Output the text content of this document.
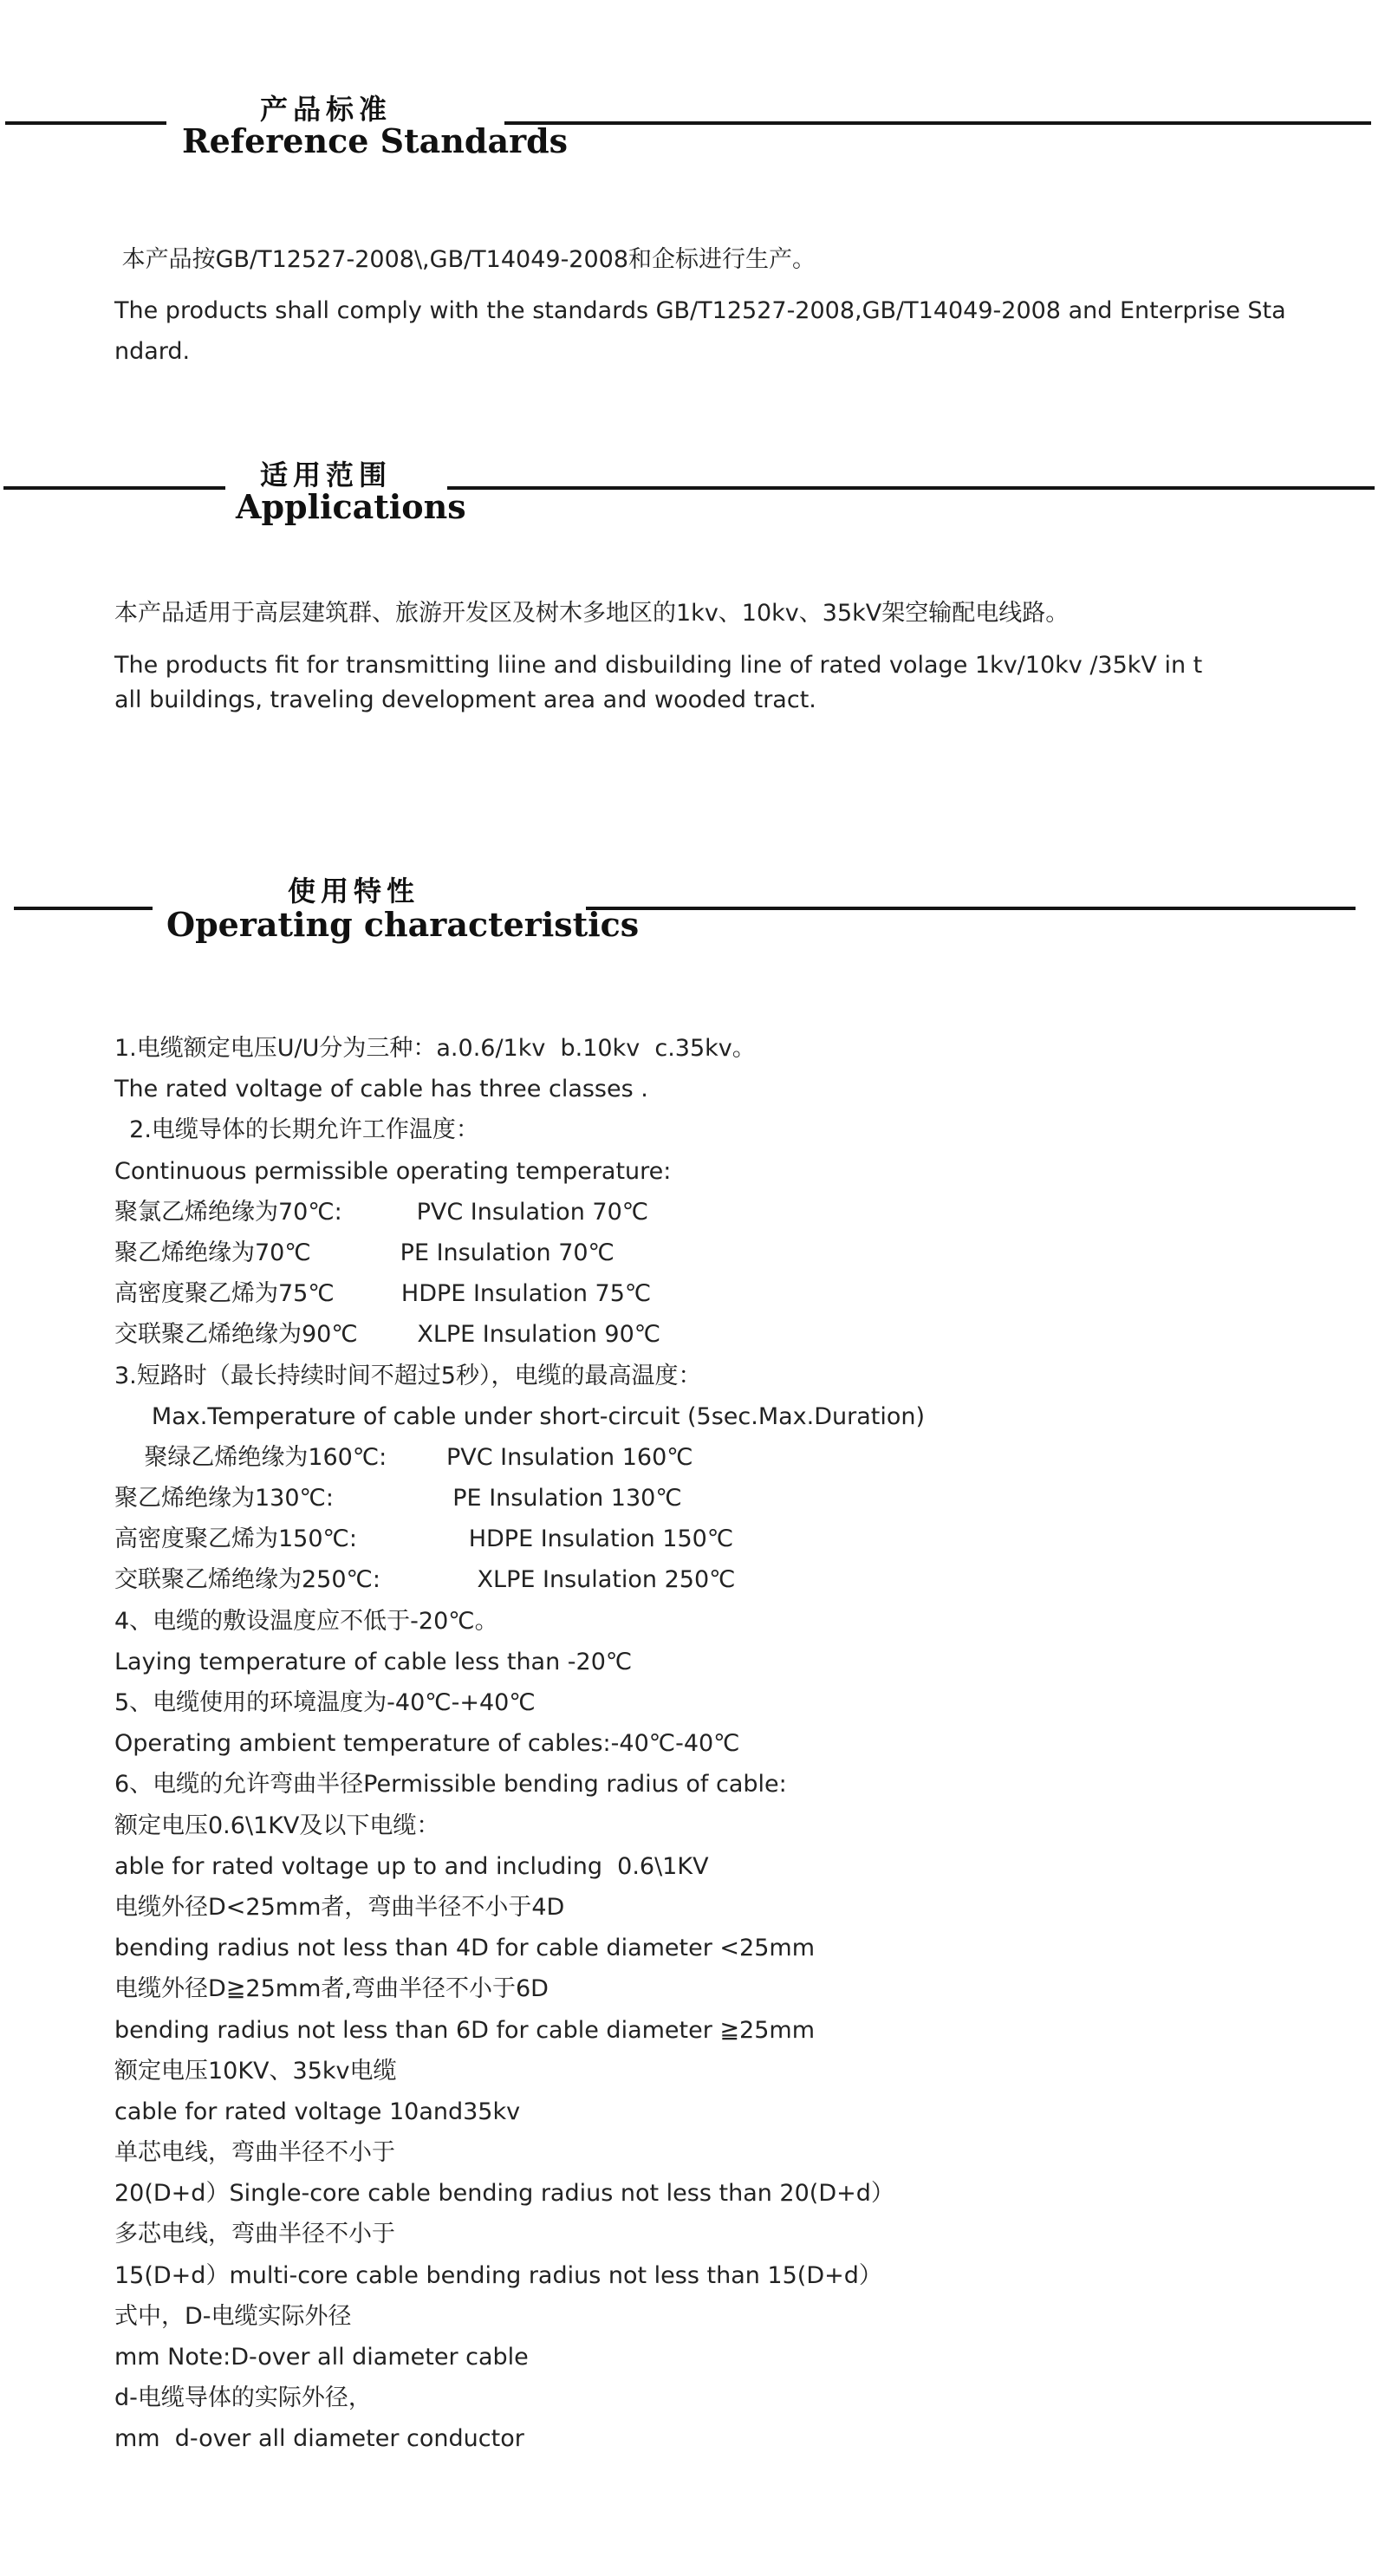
产品标准
Reference Standards

本产品按GB/T12527-2008\,GB/T14049-2008和企标进行生产。

The products shall comply with the standards GB/T12527-2008,GB/T14049-2008 and Enterprise Sta

ndard.

适用范围
Applications

本产品适用于高层建筑群、旅游开发区及树木多地区的1kv、10kv、35kV架空输配电线路。

The products fit for transmitting liine and disbuilding line of rated volage 1kv/10kv /35kV in t

all buildings, traveling development area and wooded tract.

使用特性
Operating characteristics
1.电缆额定电压U/U分为三种：a.0.6/1kv  b.10kv  c.35kv。
The rated voltage of cable has three classes .
2.电缆导体的长期允许工作温度：
Continuous permissible operating temperature:
聚氯乙烯绝缘为70℃:          PVC Insulation 70℃
聚乙烯绝缘为70℃            PE Insulation 70℃
高密度聚乙烯为75℃         HDPE Insulation 75℃
交联聚乙烯绝缘为90℃        XLPE Insulation 90℃
3.短路时（最长持续时间不超过5秒），电缆的最高温度：
Max.Temperature of cable under short-circuit (5sec.Max.Duration)
聚绿乙烯绝缘为160℃:        PVC Insulation 160℃
聚乙烯绝缘为130℃:                PE Insulation 130℃
高密度聚乙烯为150℃:               HDPE Insulation 150℃
交联聚乙烯绝缘为250℃:             XLPE Insulation 250℃
4、电缆的敷设温度应不低于-20℃。
Laying temperature of cable less than -20℃
5、电缆使用的环境温度为-40℃-+40℃
Operating ambient temperature of cables:-40℃-40℃
6、电缆的允许弯曲半径Permissible bending radius of cable:
额定电压0.6\1KV及以下电缆：
able for rated voltage up to and including  0.6\1KV
电缆外径D<25mm者，弯曲半径不小于4D
bending radius not less than 4D for cable diameter <25mm
电缆外径D≧25mm者,弯曲半径不小于6D
bending radius not less than 6D for cable diameter ≧25mm
额定电压10KV、35kv电缆
cable for rated voltage 10and35kv
单芯电线，弯曲半径不小于
20(D+d）Single-core cable bending radius not less than 20(D+d）
多芯电线，弯曲半径不小于
15(D+d）multi-core cable bending radius not less than 15(D+d）
式中，D-电缆实际外径
mm Note:D-over all diameter cable
d-电缆导体的实际外径，
mm  d-over all diameter conductor
